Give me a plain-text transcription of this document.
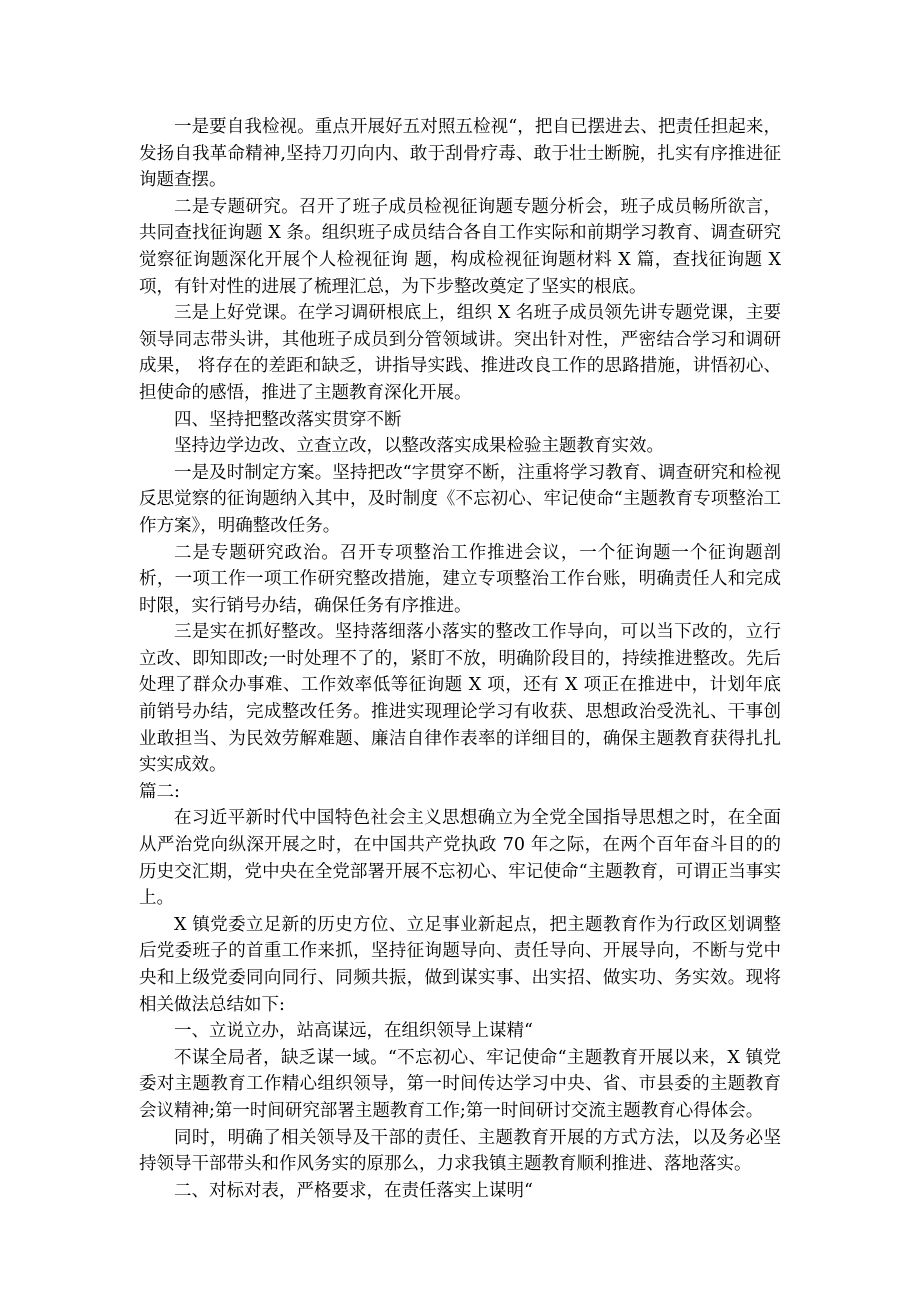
一是要自我检视。重点开展好五对照五检视“，把自已摆进去、把责任担起来，发扬自我革命精神,坚持刀刃向内、敢于刮骨疗毒、敢于壮士断腕，扎实有序推进征询题查摆。

二是专题研究。召开了班子成员检视征询题专题分析会，班子成员畅所欲言，共同查找征询题 X 条。组织班子成员结合各自工作实际和前期学习教育、调查研究觉察征询题深化开展个人检视征询 题，构成检视征询题材料 X 篇，查找征询题 X 项，有针对性的进展了梳理汇总，为下步整改奠定了坚实的根底。

三是上好党课。在学习调研根底上，组织 X 名班子成员领先讲专题党课，主要领导同志带头讲，其他班子成员到分管领域讲。突出针对性，严密结合学习和调研成果， 将存在的差距和缺乏，讲指导实践、推进改良工作的思路措施，讲悟初心、担使命的感悟，推进了主题教育深化开展。

四、坚持把整改落实贯穿不断

坚持边学边改、立查立改，以整改落实成果检验主题教育实效。

一是及时制定方案。坚持把改“字贯穿不断，注重将学习教育、调查研究和检视反思觉察的征询题纳入其中，及时制度《不忘初心、牢记使命“主题教育专项整治工作方案》，明确整改任务。

二是专题研究政治。召开专项整治工作推进会议，一个征询题一个征询题剖析，一项工作一项工作研究整改措施，建立专项整治工作台账，明确责任人和完成时限，实行销号办结，确保任务有序推进。

三是实在抓好整改。坚持落细落小落实的整改工作导向，可以当下改的，立行立改、即知即改;一时处理不了的，紧盯不放，明确阶段目的，持续推进整改。先后处理了群众办事难、工作效率低等征询题 X 项，还有 X 项正在推进中，计划年底前销号办结，完成整改任务。推进实现理论学习有收获、思想政治受洗礼、干事创业敢担当、为民效劳解难题、廉洁自律作表率的详细目的，确保主题教育获得扎扎实实成效。

篇二:

在习近平新时代中国特色社会主义思想确立为全党全国指导思想之时，在全面从严治党向纵深开展之时，在中国共产党执政 70 年之际，在两个百年奋斗目的的历史交汇期，党中央在全党部署开展不忘初心、牢记使命“主题教育，可谓正当事实上。

X 镇党委立足新的历史方位、立足事业新起点，把主题教育作为行政区划调整后党委班子的首重工作来抓，坚持征询题导向、责任导向、开展导向，不断与党中央和上级党委同向同行、同频共振，做到谋实事、出实招、做实功、务实效。现将相关做法总结如下:

一、立说立办，站高谋远，在组织领导上谋精“

不谋全局者，缺乏谋一域。“不忘初心、牢记使命“主题教育开展以来，X 镇党委对主题教育工作精心组织领导，第一时间传达学习中央、省、市县委的主题教育会议精神;第一时间研究部署主题教育工作;第一时间研讨交流主题教育心得体会。

同时，明确了相关领导及干部的责任、主题教育开展的方式方法，以及务必坚持领导干部带头和作风务实的原那么，力求我镇主题教育顺利推进、落地落实。

二、对标对表，严格要求，在责任落实上谋明“
